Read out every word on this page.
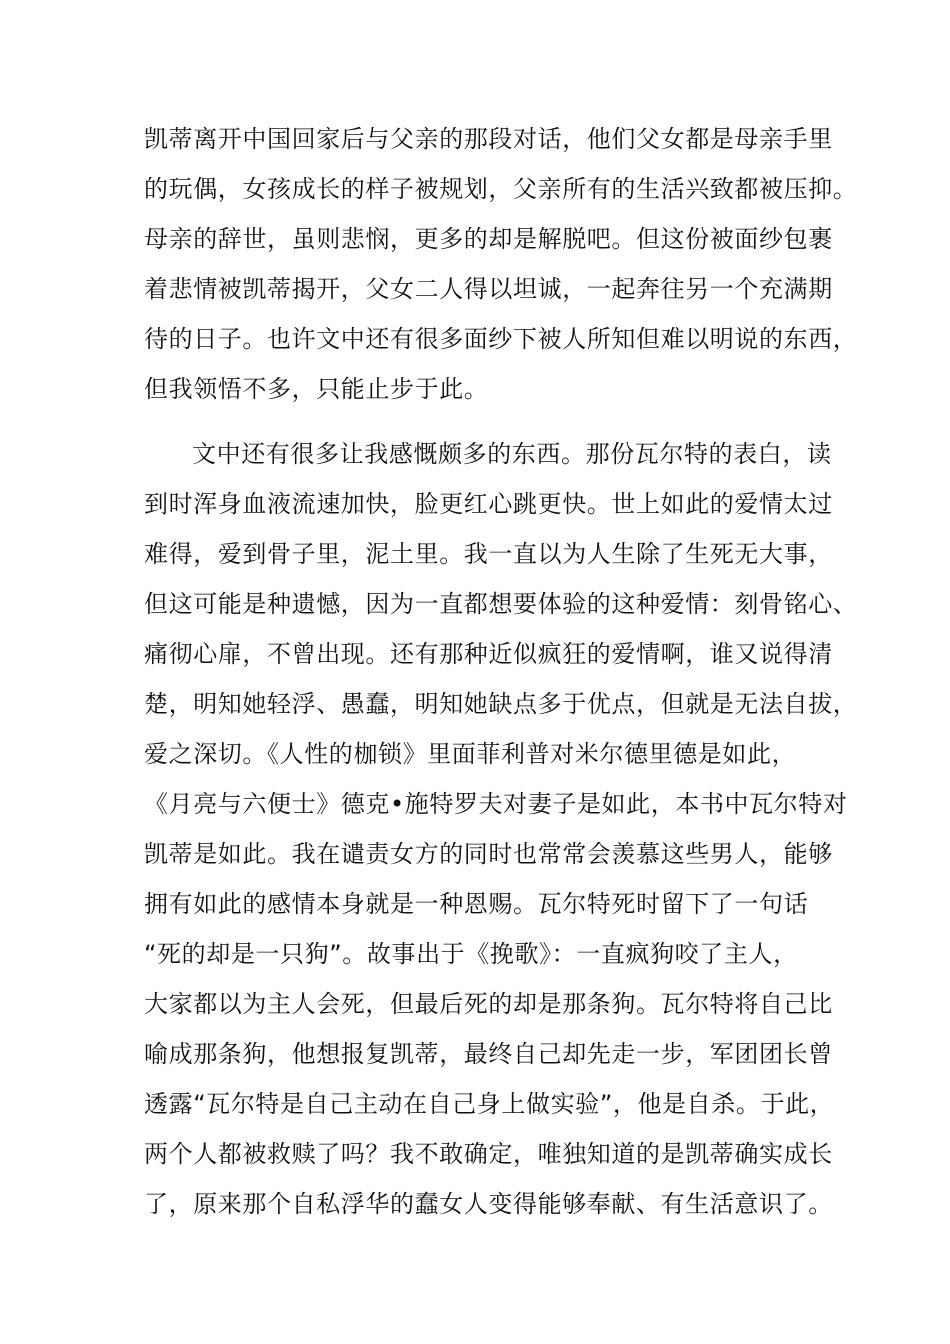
凯蒂离开中国回家后与父亲的那段对话，他们父女都是母亲手里
的玩偶，女孩成长的样子被规划，父亲所有的生活兴致都被压抑。
母亲的辞世，虽则悲悯，更多的却是解脱吧。但这份被面纱包裹
着悲情被凯蒂揭开，父女二人得以坦诚，一起奔往另一个充满期
待的日子。也许文中还有很多面纱下被人所知但难以明说的东西，
但我领悟不多，只能止步于此。
文中还有很多让我感慨颇多的东西。那份瓦尔特的表白，读
到时浑身血液流速加快，脸更红心跳更快。世上如此的爱情太过
难得，爱到骨子里，泥土里。我一直以为人生除了生死无大事，
但这可能是种遗憾，因为一直都想要体验的这种爱情：刻骨铭心、
痛彻心扉，不曾出现。还有那种近似疯狂的爱情啊，谁又说得清
楚，明知她轻浮、愚蠢，明知她缺点多于优点，但就是无法自拔，
爱之深切。《人性的枷锁》里面菲利普对米尔德里德是如此，
《月亮与六便士》德克•施特罗夫对妻子是如此，本书中瓦尔特对
凯蒂是如此。我在谴责女方的同时也常常会羡慕这些男人，能够
拥有如此的感情本身就是一种恩赐。瓦尔特死时留下了一句话
“死的却是一只狗”。故事出于《挽歌》：一直疯狗咬了主人，
大家都以为主人会死，但最后死的却是那条狗。瓦尔特将自己比
喻成那条狗，他想报复凯蒂，最终自己却先走一步，军团团长曾
透露“瓦尔特是自己主动在自己身上做实验”，他是自杀。于此，
两个人都被救赎了吗？我不敢确定，唯独知道的是凯蒂确实成长
了，原来那个自私浮华的蠢女人变得能够奉献、有生活意识了。
